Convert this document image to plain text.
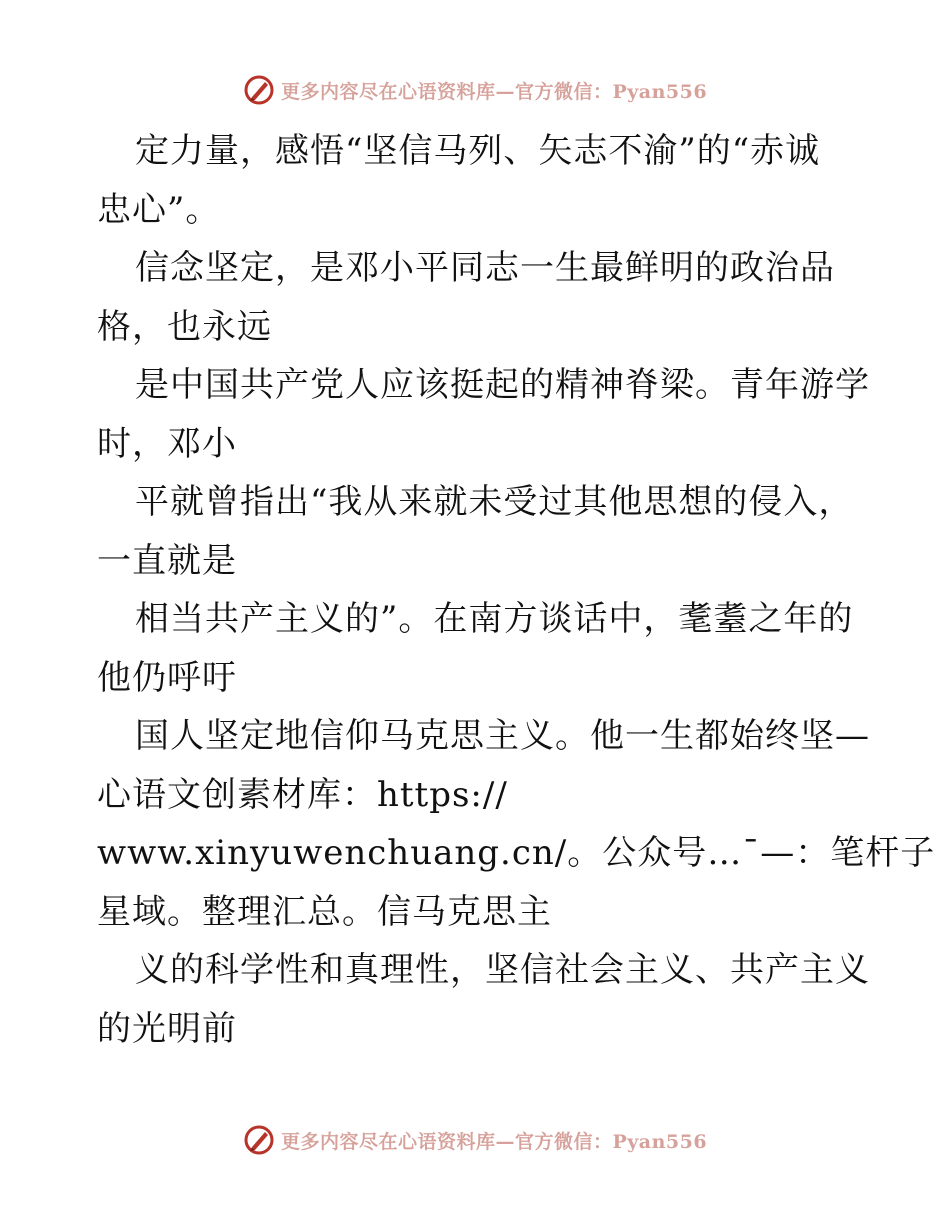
更多内容尽在心语资料库—官方微信：Pyan556
定力量，感悟“坚信马列、矢志不渝”的“赤诚
忠心”。
信念坚定，是邓小平同志一生最鲜明的政治品
格，也永远
是中国共产党人应该挺起的精神脊梁。青年游学
时，邓小
平就曾指出“我从来就未受过其他思想的侵入，
一直就是
相当共产主义的”。在南方谈话中，耄耋之年的
他仍呼吁
国人坚定地信仰马克思主义。他一生都始终坚—
心语文创素材库：https://
www.xinyuwenchuang.cn/。公众号…¯—：笔杆子
星域。整理汇总。信马克思主
义的科学性和真理性，坚信社会主义、共产主义
的光明前
更多内容尽在心语资料库—官方微信：Pyan556
